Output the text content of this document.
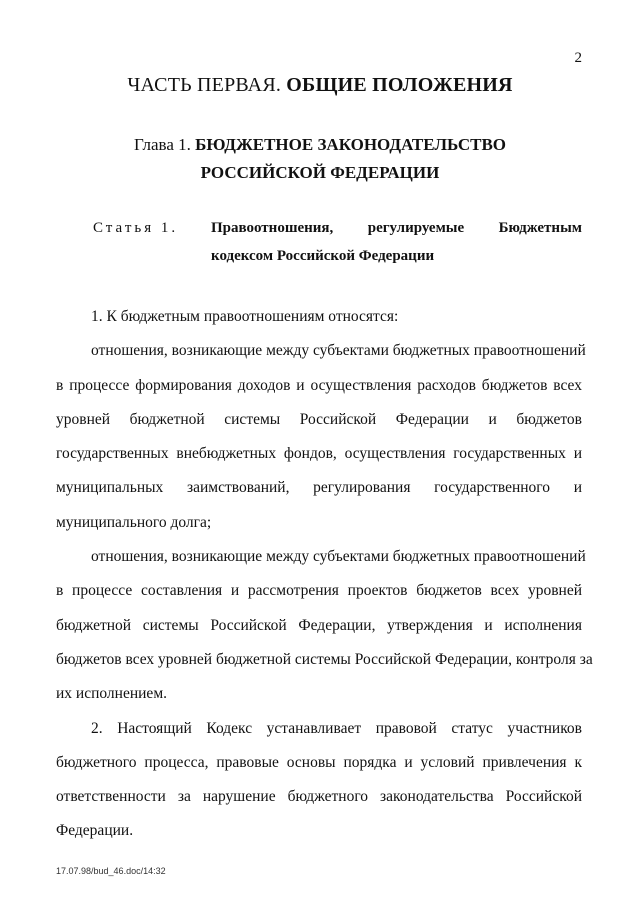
2
ЧАСТЬ ПЕРВАЯ. ОБЩИЕ ПОЛОЖЕНИЯ
Глава 1. БЮДЖЕТНОЕ ЗАКОНОДАТЕЛЬСТВО
РОССИЙСКОЙ ФЕДЕРАЦИИ
Статья 1. Правоотношения, регулируемые Бюджетным
кодексом Российской Федерации
1. К бюджетным правоотношениям относятся:
отношения, возникающие между субъектами бюджетных правоотношений
в процессе формирования доходов и осуществления расходов бюджетов всех
уровней бюджетной системы Российской Федерации и бюджетов
государственных внебюджетных фондов, осуществления государственных и
муниципальных заимствований, регулирования государственного и
муниципального долга;
отношения, возникающие между субъектами бюджетных правоотношений
в процессе составления и рассмотрения проектов бюджетов всех уровней
бюджетной системы Российской Федерации, утверждения и исполнения
бюджетов всех уровней бюджетной системы Российской Федерации, контроля за
их исполнением.
2. Настоящий Кодекс устанавливает правовой статус участников
бюджетного процесса, правовые основы порядка и условий привлечения к
ответственности за нарушение бюджетного законодательства Российской
Федерации.
17.07.98/bud_46.doc/14:32
